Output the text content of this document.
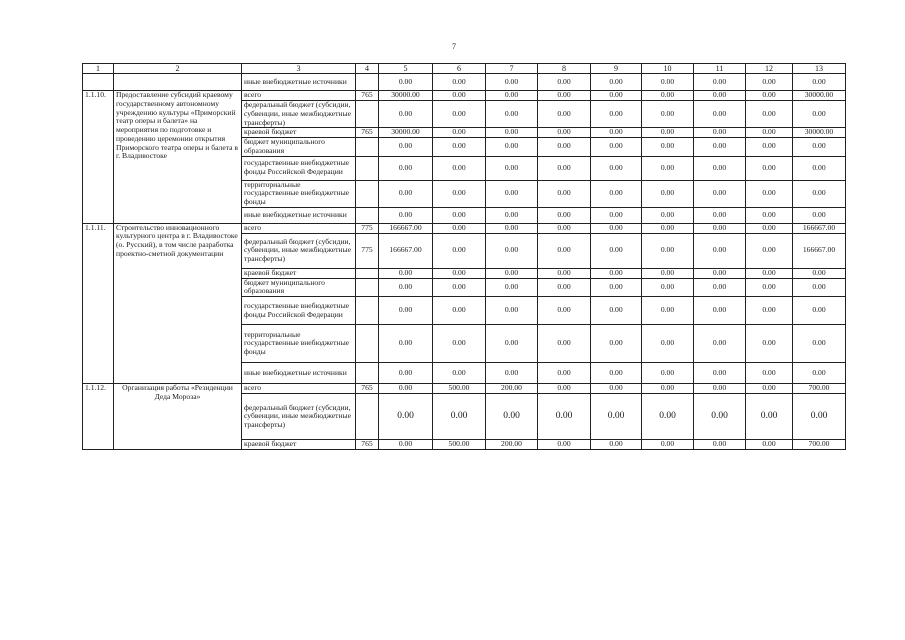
7
1	2	3	4	5	6	7	8	9	10	11	12	13
		иные внебюджетные источники		0.00	0.00	0.00	0.00	0.00	0.00	0.00	0.00	0.00
1.1.10.	Предоставление субсидий краевому государственному автономному учреждению культуры «Приморский театр оперы и балета» на мероприятия по подготовке и проведению церемонии открытия Приморского театра оперы и балета в г. Владивостоке	всего	765	30000.00	0.00	0.00	0.00	0.00	0.00	0.00	0.00	30000.00
		федеральный бюджет (субсидии, субвенции, иные межбюджетные трансферты)		0.00	0.00	0.00	0.00	0.00	0.00	0.00	0.00	0.00
		краевой бюджет	765	30000.00	0.00	0.00	0.00	0.00	0.00	0.00	0.00	30000.00
		бюджет муниципального образования		0.00	0.00	0.00	0.00	0.00	0.00	0.00	0.00	0.00
		государственные внебюджетные фонды Российской Федерации		0.00	0.00	0.00	0.00	0.00	0.00	0.00	0.00	0.00
		территориальные государственные внебюджетные фонды		0.00	0.00	0.00	0.00	0.00	0.00	0.00	0.00	0.00
		иные внебюджетные источники		0.00	0.00	0.00	0.00	0.00	0.00	0.00	0.00	0.00
1.1.11.	Строительство инновационного культурного центра в г. Владивостоке (о. Русский), в том числе разработка проектно-сметной документации	всего	775	166667.00	0.00	0.00	0.00	0.00	0.00	0.00	0.00	166667.00
		федеральный бюджет (субсидии, субвенции, иные межбюджетные трансферты)	775	166667.00	0.00	0.00	0.00	0.00	0.00	0.00	0.00	166667.00
		краевой бюджет		0.00	0.00	0.00	0.00	0.00	0.00	0.00	0.00	0.00
		бюджет муниципального образования		0.00	0.00	0.00	0.00	0.00	0.00	0.00	0.00	0.00
		государственные внебюджетные фонды Российской Федерации		0.00	0.00	0.00	0.00	0.00	0.00	0.00	0.00	0.00
		территориальные государственные внебюджетные фонды		0.00	0.00	0.00	0.00	0.00	0.00	0.00	0.00	0.00
		иные внебюджетные источники		0.00	0.00	0.00	0.00	0.00	0.00	0.00	0.00	0.00
1.1.12.	Организация работы «Резиденции Деда Мороза»	всего	765	0.00	500.00	200.00	0.00	0.00	0.00	0.00	0.00	700.00
		федеральный бюджет (субсидии, субвенции, иные межбюджетные трансферты)		0.00	0.00	0.00	0.00	0.00	0.00	0.00	0.00	0.00
		краевой бюджет	765	0.00	500.00	200.00	0.00	0.00	0.00	0.00	0.00	700.00
